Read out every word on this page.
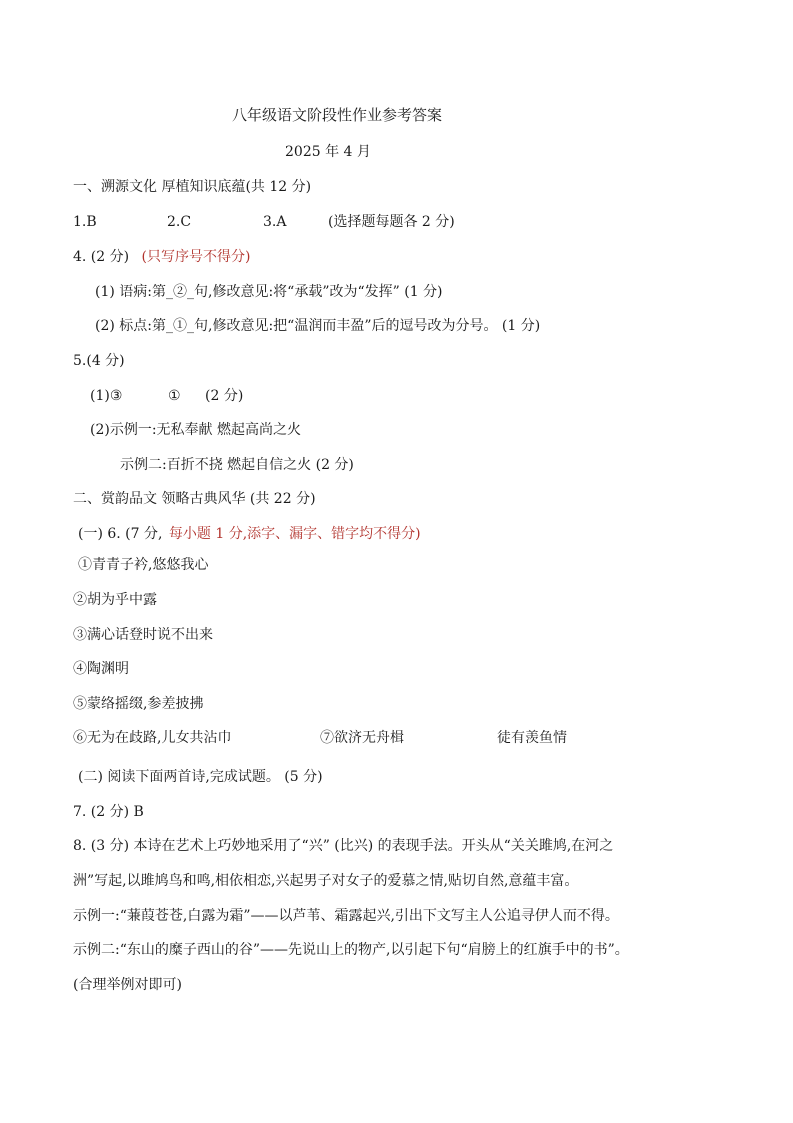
八年级语文阶段性作业参考答案
2025 年 4 月
一、溯源文化 厚植知识底蕴(共 12 分)
1.B	2.C	3.A	(选择题每题各 2 分)
4. (2 分) (只写序号不得分)
(1) 语病:第_②_句,修改意见:将“承载”改为“发挥” (1 分)
(2) 标点:第_①_句,修改意见:把“温润而丰盈”后的逗号改为分号。 (1 分)
5.(4 分)
(1)③	① (2 分)
(2)示例一:无私奉献 燃起高尚之火
示例二:百折不挠 燃起自信之火 (2 分)
二、赏韵品文 领略古典风华 (共 22 分)
(一) 6. (7 分, 每小题 1 分,添字、漏字、错字均不得分)
①青青子衿,悠悠我心
②胡为乎中露
③满心话登时说不出来
④陶渊明
⑤蒙络摇缀,参差披拂
⑥无为在歧路,儿女共沾巾	⑦欲济无舟楫	徒有羡鱼情
(二) 阅读下面两首诗,完成试题。 (5 分)
7. (2 分) B
8. (3 分) 本诗在艺术上巧妙地采用了“兴” (比兴) 的表现手法。开头从“关关雎鸠,在河之
洲”写起,以雎鸠鸟和鸣,相依相恋,兴起男子对女子的爱慕之情,贴切自然,意蕴丰富。
示例一:“蒹葭苍苍,白露为霜”——以芦苇、霜露起兴,引出下文写主人公追寻伊人而不得。
示例二:“东山的糜子西山的谷”——先说山上的物产,以引起下句“肩膀上的红旗手中的书”。
(合理举例对即可)
